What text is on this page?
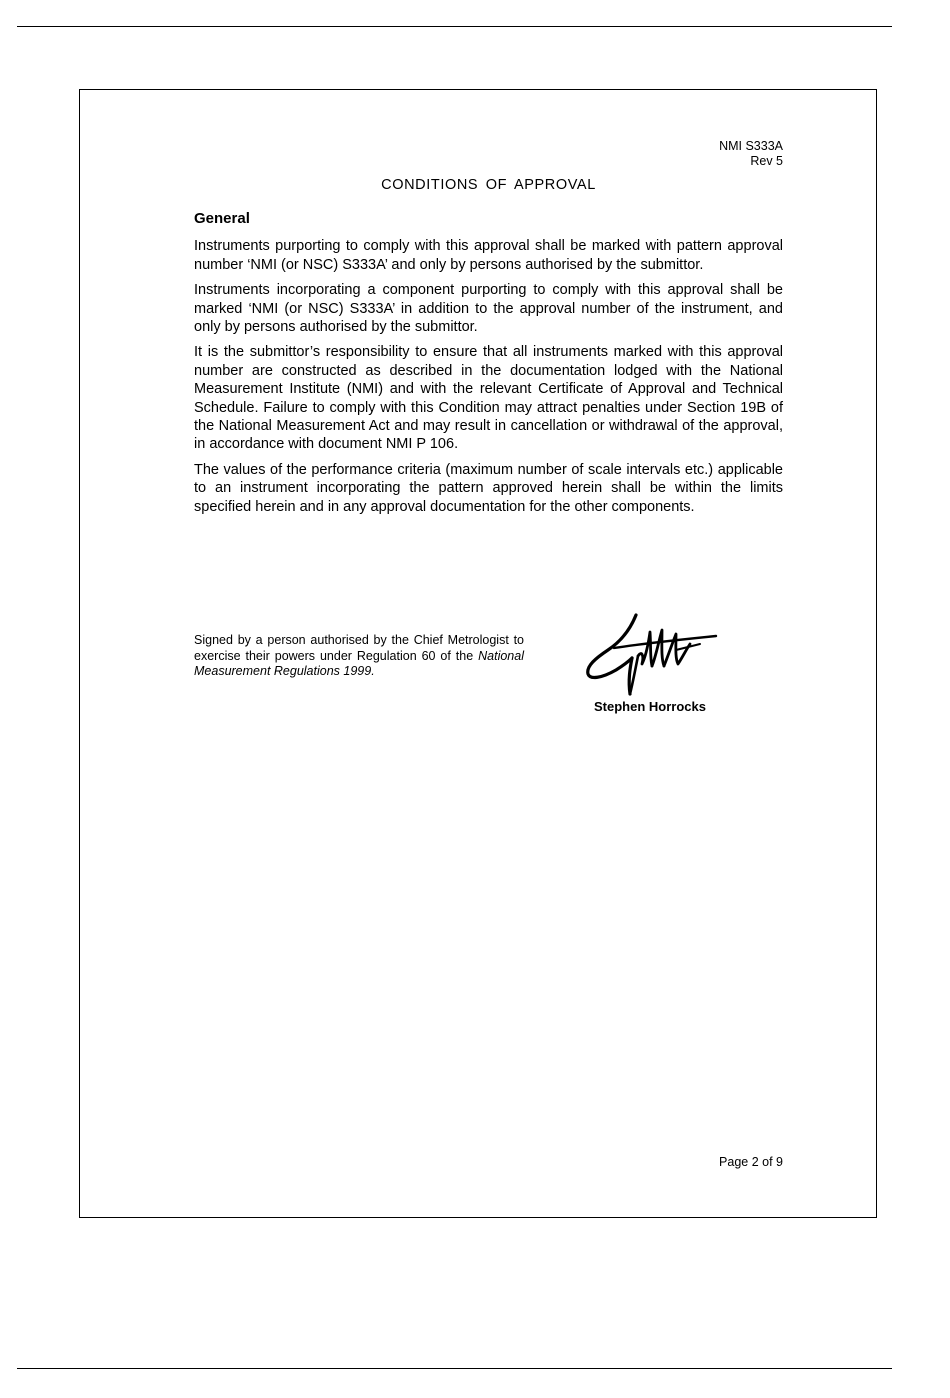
NMI S333A
Rev 5
CONDITIONS OF APPROVAL
General

Instruments purporting to comply with this approval shall be marked with pattern approval number ‘NMI (or NSC) S333A’ and only by persons authorised by the submittor.

Instruments incorporating a component purporting to comply with this approval shall be marked ‘NMI (or NSC) S333A’ in addition to the approval number of the instrument, and only by persons authorised by the submittor.

It is the submittor’s responsibility to ensure that all instruments marked with this approval number are constructed as described in the documentation lodged with the National Measurement Institute (NMI) and with the relevant Certificate of Approval and Technical Schedule. Failure to comply with this Condition may attract penalties under Section 19B of the National Measurement Act and may result in cancellation or withdrawal of the approval, in accordance with document NMI P 106.

The values of the performance criteria (maximum number of scale intervals etc.) applicable to an instrument incorporating the pattern approved herein shall be within the limits specified herein and in any approval documentation for the other components.

Signed by a person authorised by the Chief Metrologist to exercise their powers under Regulation 60 of the National Measurement Regulations 1999.
Stephen Horrocks
Page 2 of 9
